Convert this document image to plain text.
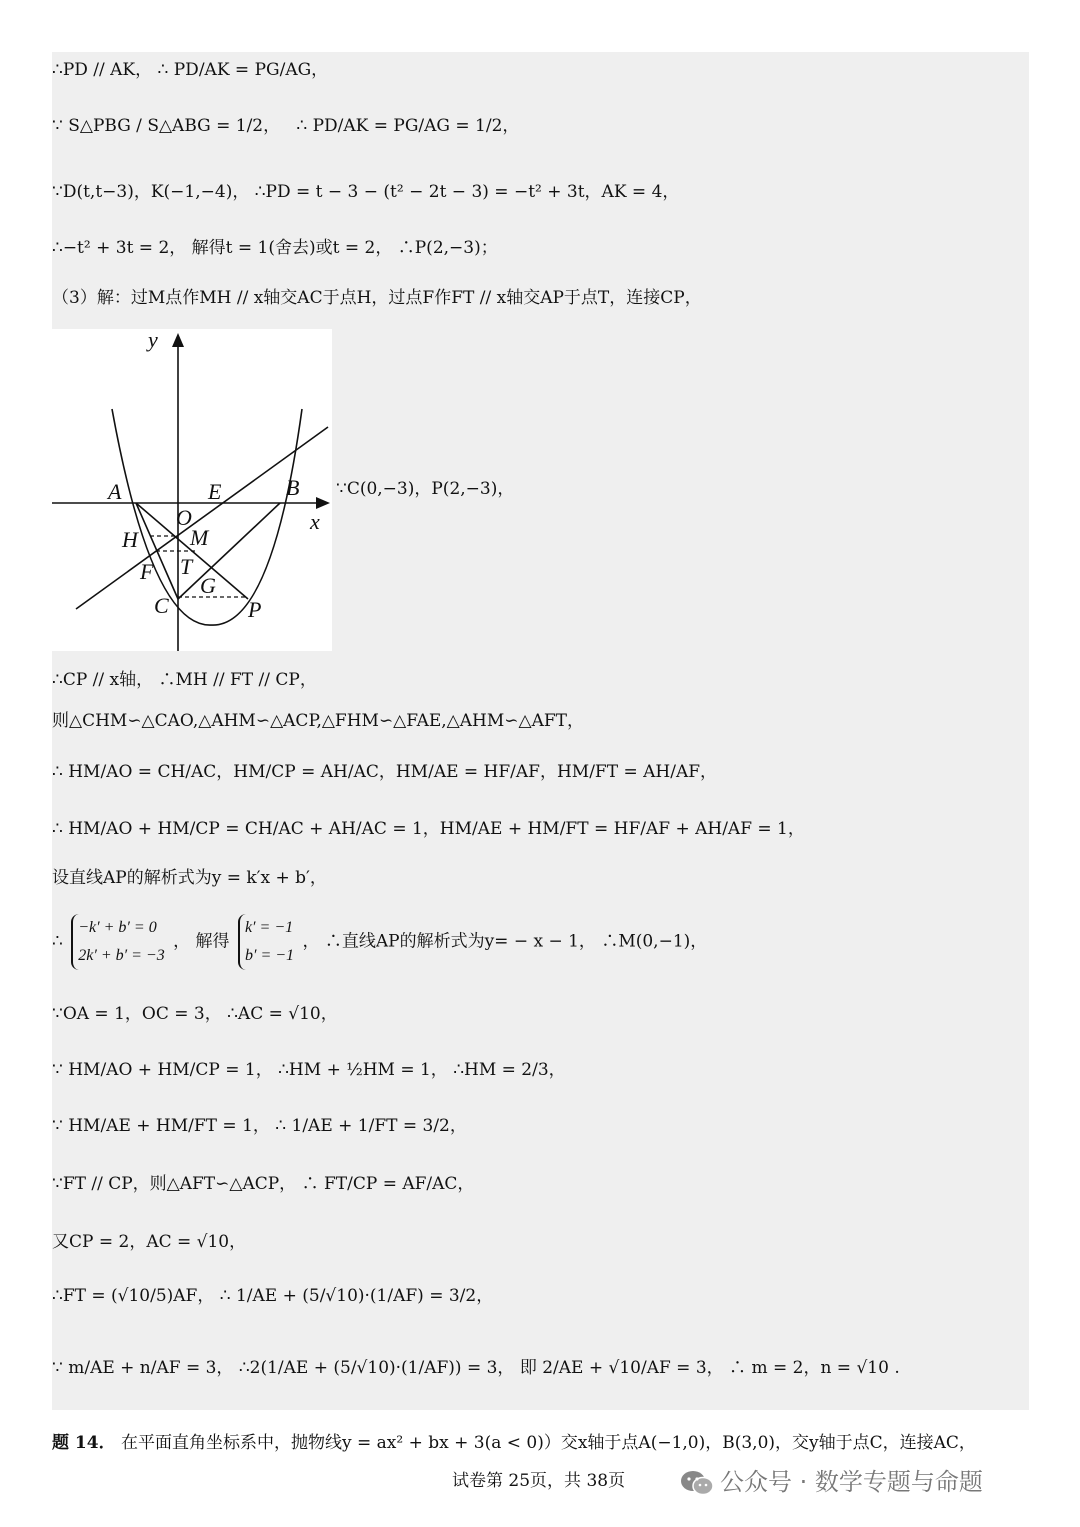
∴PD // AK， ∴ PD/AK = PG/AG，
∵ S△PBG / S△ABG = 1/2， ∴ PD/AK = PG/AG = 1/2，
∵D(t,t−3)，K(−1,−4)， ∴PD = t − 3 − (t² − 2t − 3) = −t² + 3t，AK = 4，
∴−t² + 3t = 2， 解得t = 1(舍去)或t = 2， ∴P(2,−3)；
（3）解：过M点作MH // x轴交AC于点H，过点F作FT // x轴交AP于点T，连接CP，
y
x
A	E	B
O
H M
F T
G
C	P
∵C(0,−3)，P(2,−3)，
∴CP // x轴， ∴MH // FT // CP，
则△CHM∽△CAO,△AHM∽△ACP,△FHM∽△FAE,△AHM∽△AFT，
∴ HM/AO = CH/AC，HM/CP = AH/AC，HM/AE = HF/AF，HM/FT = AH/AF，
∴ HM/AO + HM/CP = CH/AC + AH/AC = 1，HM/AE + HM/FT = HF/AF + AH/AF = 1，
设直线AP的解析式为y = k′x + b′，
∴
−k′ + b′ = 0
2k′ + b′ = −3
， 解得
k′ = −1
b′ = −1
， ∴直线AP的解析式为y= − x − 1， ∴M(0,−1)，
∵OA = 1，OC = 3， ∴AC = √10，
∵ HM/AO + HM/CP = 1， ∴HM + ½HM = 1， ∴HM = 2/3，
∵ HM/AE + HM/FT = 1， ∴ 1/AE + 1/FT = 3/2，
∵FT // CP，则△AFT∽△ACP， ∴ FT/CP = AF/AC，
又CP = 2，AC = √10，
∴FT = (√10/5)AF， ∴ 1/AE + (5/√10)·(1/AF) = 3/2，
∵ m/AE + n/AF = 3， ∴2(1/AE + (5/√10)·(1/AF)) = 3， 即 2/AE + √10/AF = 3， ∴ m = 2，n = √10 .
题 14． 在平面直角坐标系中，抛物线y = ax² + bx + 3(a < 0)）交x轴于点A(−1,0)，B(3,0)，交y轴于点C，连接AC，
试卷第 25页，共 38页	公众号 · 数学专题与命题
